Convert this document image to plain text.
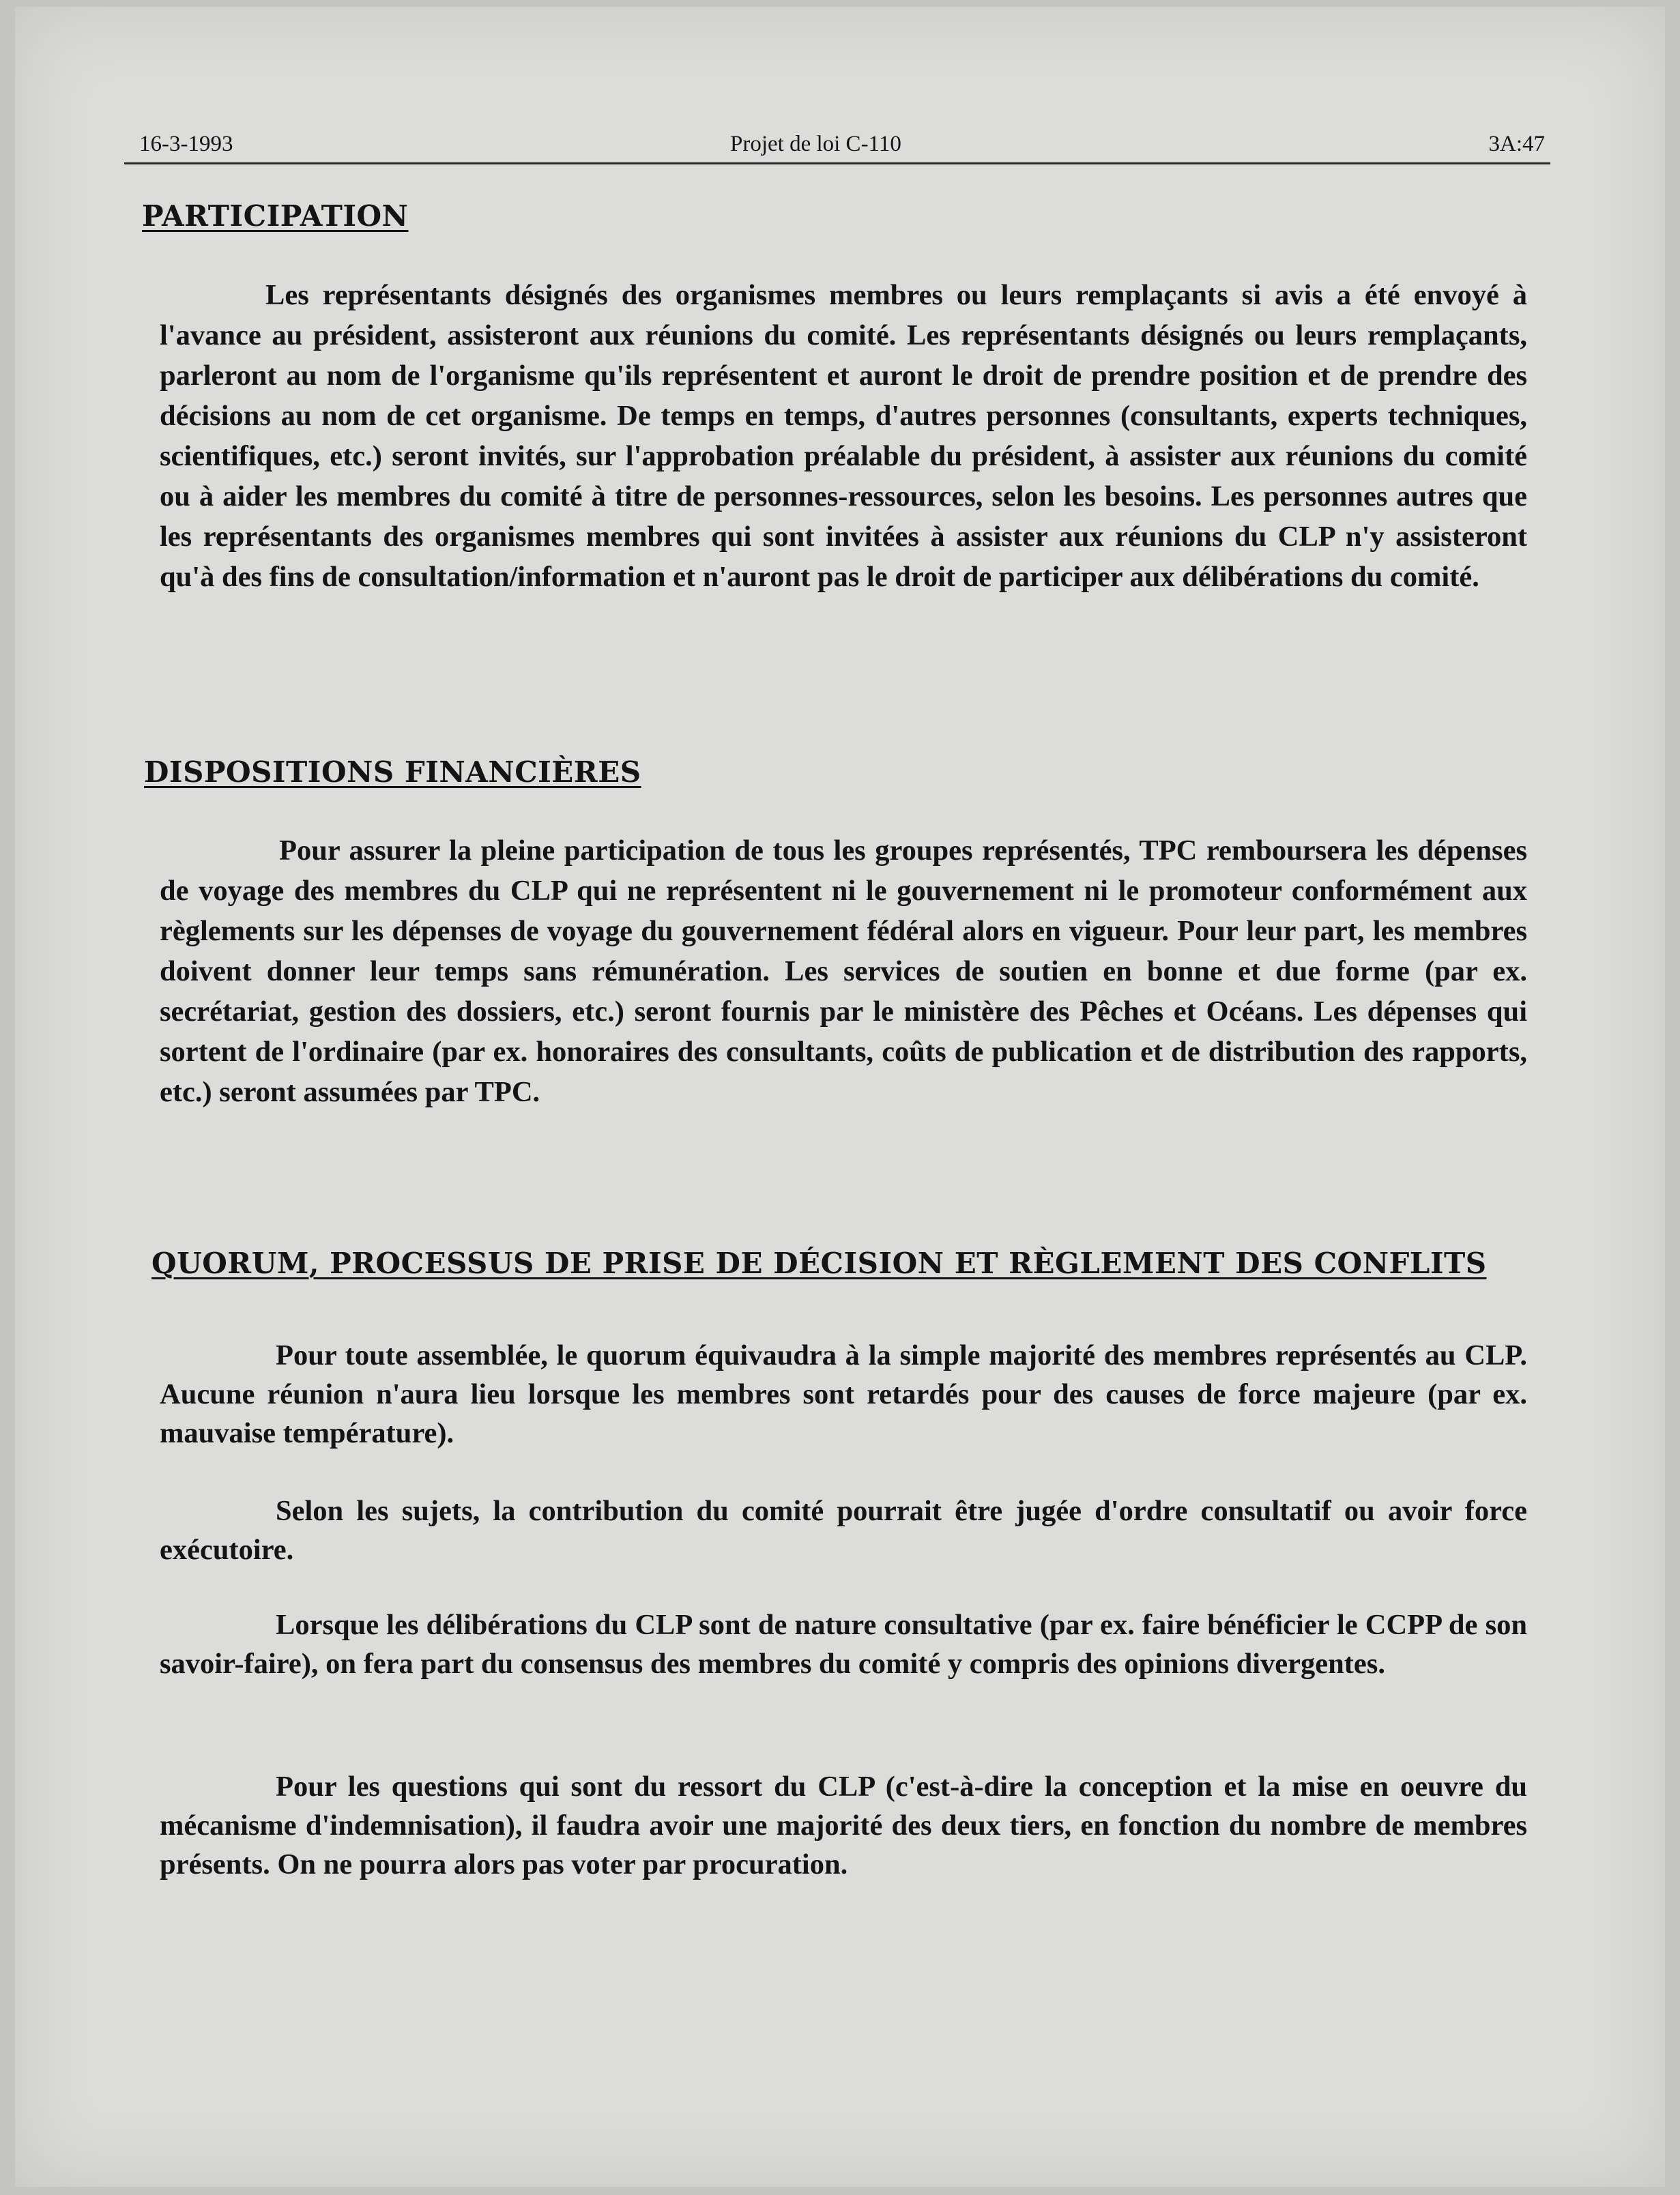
16-3-1993	Projet de loi C-110	3A:47
PARTICIPATION

Les représentants désignés des organismes membres ou leurs remplaçants si avis a été envoyé à l'avance au président, assisteront aux réunions du comité. Les représentants désignés ou leurs remplaçants, parleront au nom de l'organisme qu'ils représentent et auront le droit de prendre position et de prendre des décisions au nom de cet organisme. De temps en temps, d'autres personnes (consultants, experts techniques, scientifiques, etc.) seront invités, sur l'approbation préalable du président, à assister aux réunions du comité ou à aider les membres du comité à titre de personnes-ressources, selon les besoins. Les personnes autres que les représentants des organismes membres qui sont invitées à assister aux réunions du CLP n'y assisteront qu'à des fins de consultation/information et n'auront pas le droit de participer aux délibérations du comité.

DISPOSITIONS FINANCIÈRES

Pour assurer la pleine participation de tous les groupes représentés, TPC remboursera les dépenses de voyage des membres du CLP qui ne représentent ni le gouvernement ni le promoteur conformément aux règlements sur les dépenses de voyage du gouvernement fédéral alors en vigueur. Pour leur part, les membres doivent donner leur temps sans rémunération. Les services de soutien en bonne et due forme (par ex. secrétariat, gestion des dossiers, etc.) seront fournis par le ministère des Pêches et Océans. Les dépenses qui sortent de l'ordinaire (par ex. honoraires des consultants, coûts de publication et de distribution des rapports, etc.) seront assumées par TPC.

QUORUM, PROCESSUS DE PRISE DE DÉCISION ET RÈGLEMENT DES CONFLITS

Pour toute assemblée, le quorum équivaudra à la simple majorité des membres représentés au CLP. Aucune réunion n'aura lieu lorsque les membres sont retardés pour des causes de force majeure (par ex. mauvaise température).

Selon les sujets, la contribution du comité pourrait être jugée d'ordre consultatif ou avoir force exécutoire.

Lorsque les délibérations du CLP sont de nature consultative (par ex. faire bénéficier le CCPP de son savoir-faire), on fera part du consensus des membres du comité y compris des opinions divergentes.

Pour les questions qui sont du ressort du CLP (c'est-à-dire la conception et la mise en oeuvre du mécanisme d'indemnisation), il faudra avoir une majorité des deux tiers, en fonction du nombre de membres présents. On ne pourra alors pas voter par procuration.
